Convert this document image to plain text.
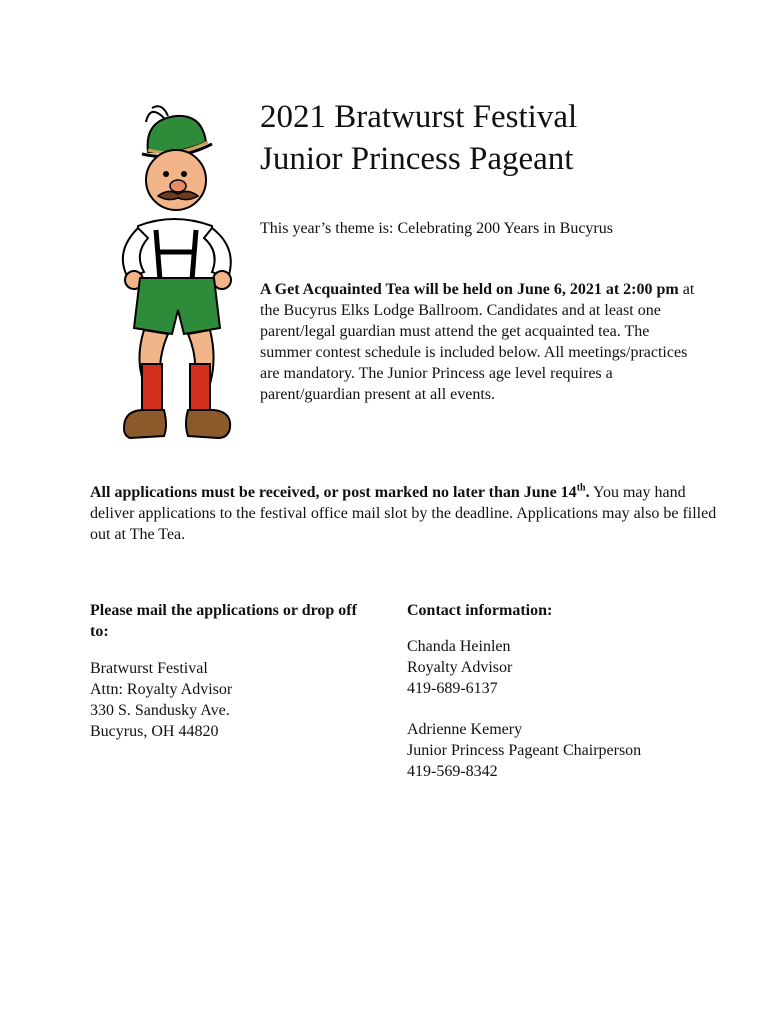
2021 Bratwurst Festival
Junior Princess Pageant
This year’s theme is: Celebrating 200 Years in Bucyrus

A Get Acquainted Tea will be held on June 6, 2021 at 2:00 pm at the Bucyrus Elks Lodge Ballroom. Candidates and at least one parent/legal guardian must attend the get acquainted tea. The summer contest schedule is included below. All meetings/practices are mandatory. The Junior Princess age level requires a parent/guardian present at all events.

All applications must be received, or post marked no later than June 14th. You may hand deliver applications to the festival office mail slot by the deadline. Applications may also be filled out at The Tea.

Please mail the applications or drop off to:

Bratwurst Festival
Attn: Royalty Advisor
330 S. Sandusky Ave.
Bucyrus, OH 44820

Contact information:

Chanda Heinlen
Royalty Advisor
419-689-6137

Adrienne Kemery
Junior Princess Pageant Chairperson
419-569-8342
